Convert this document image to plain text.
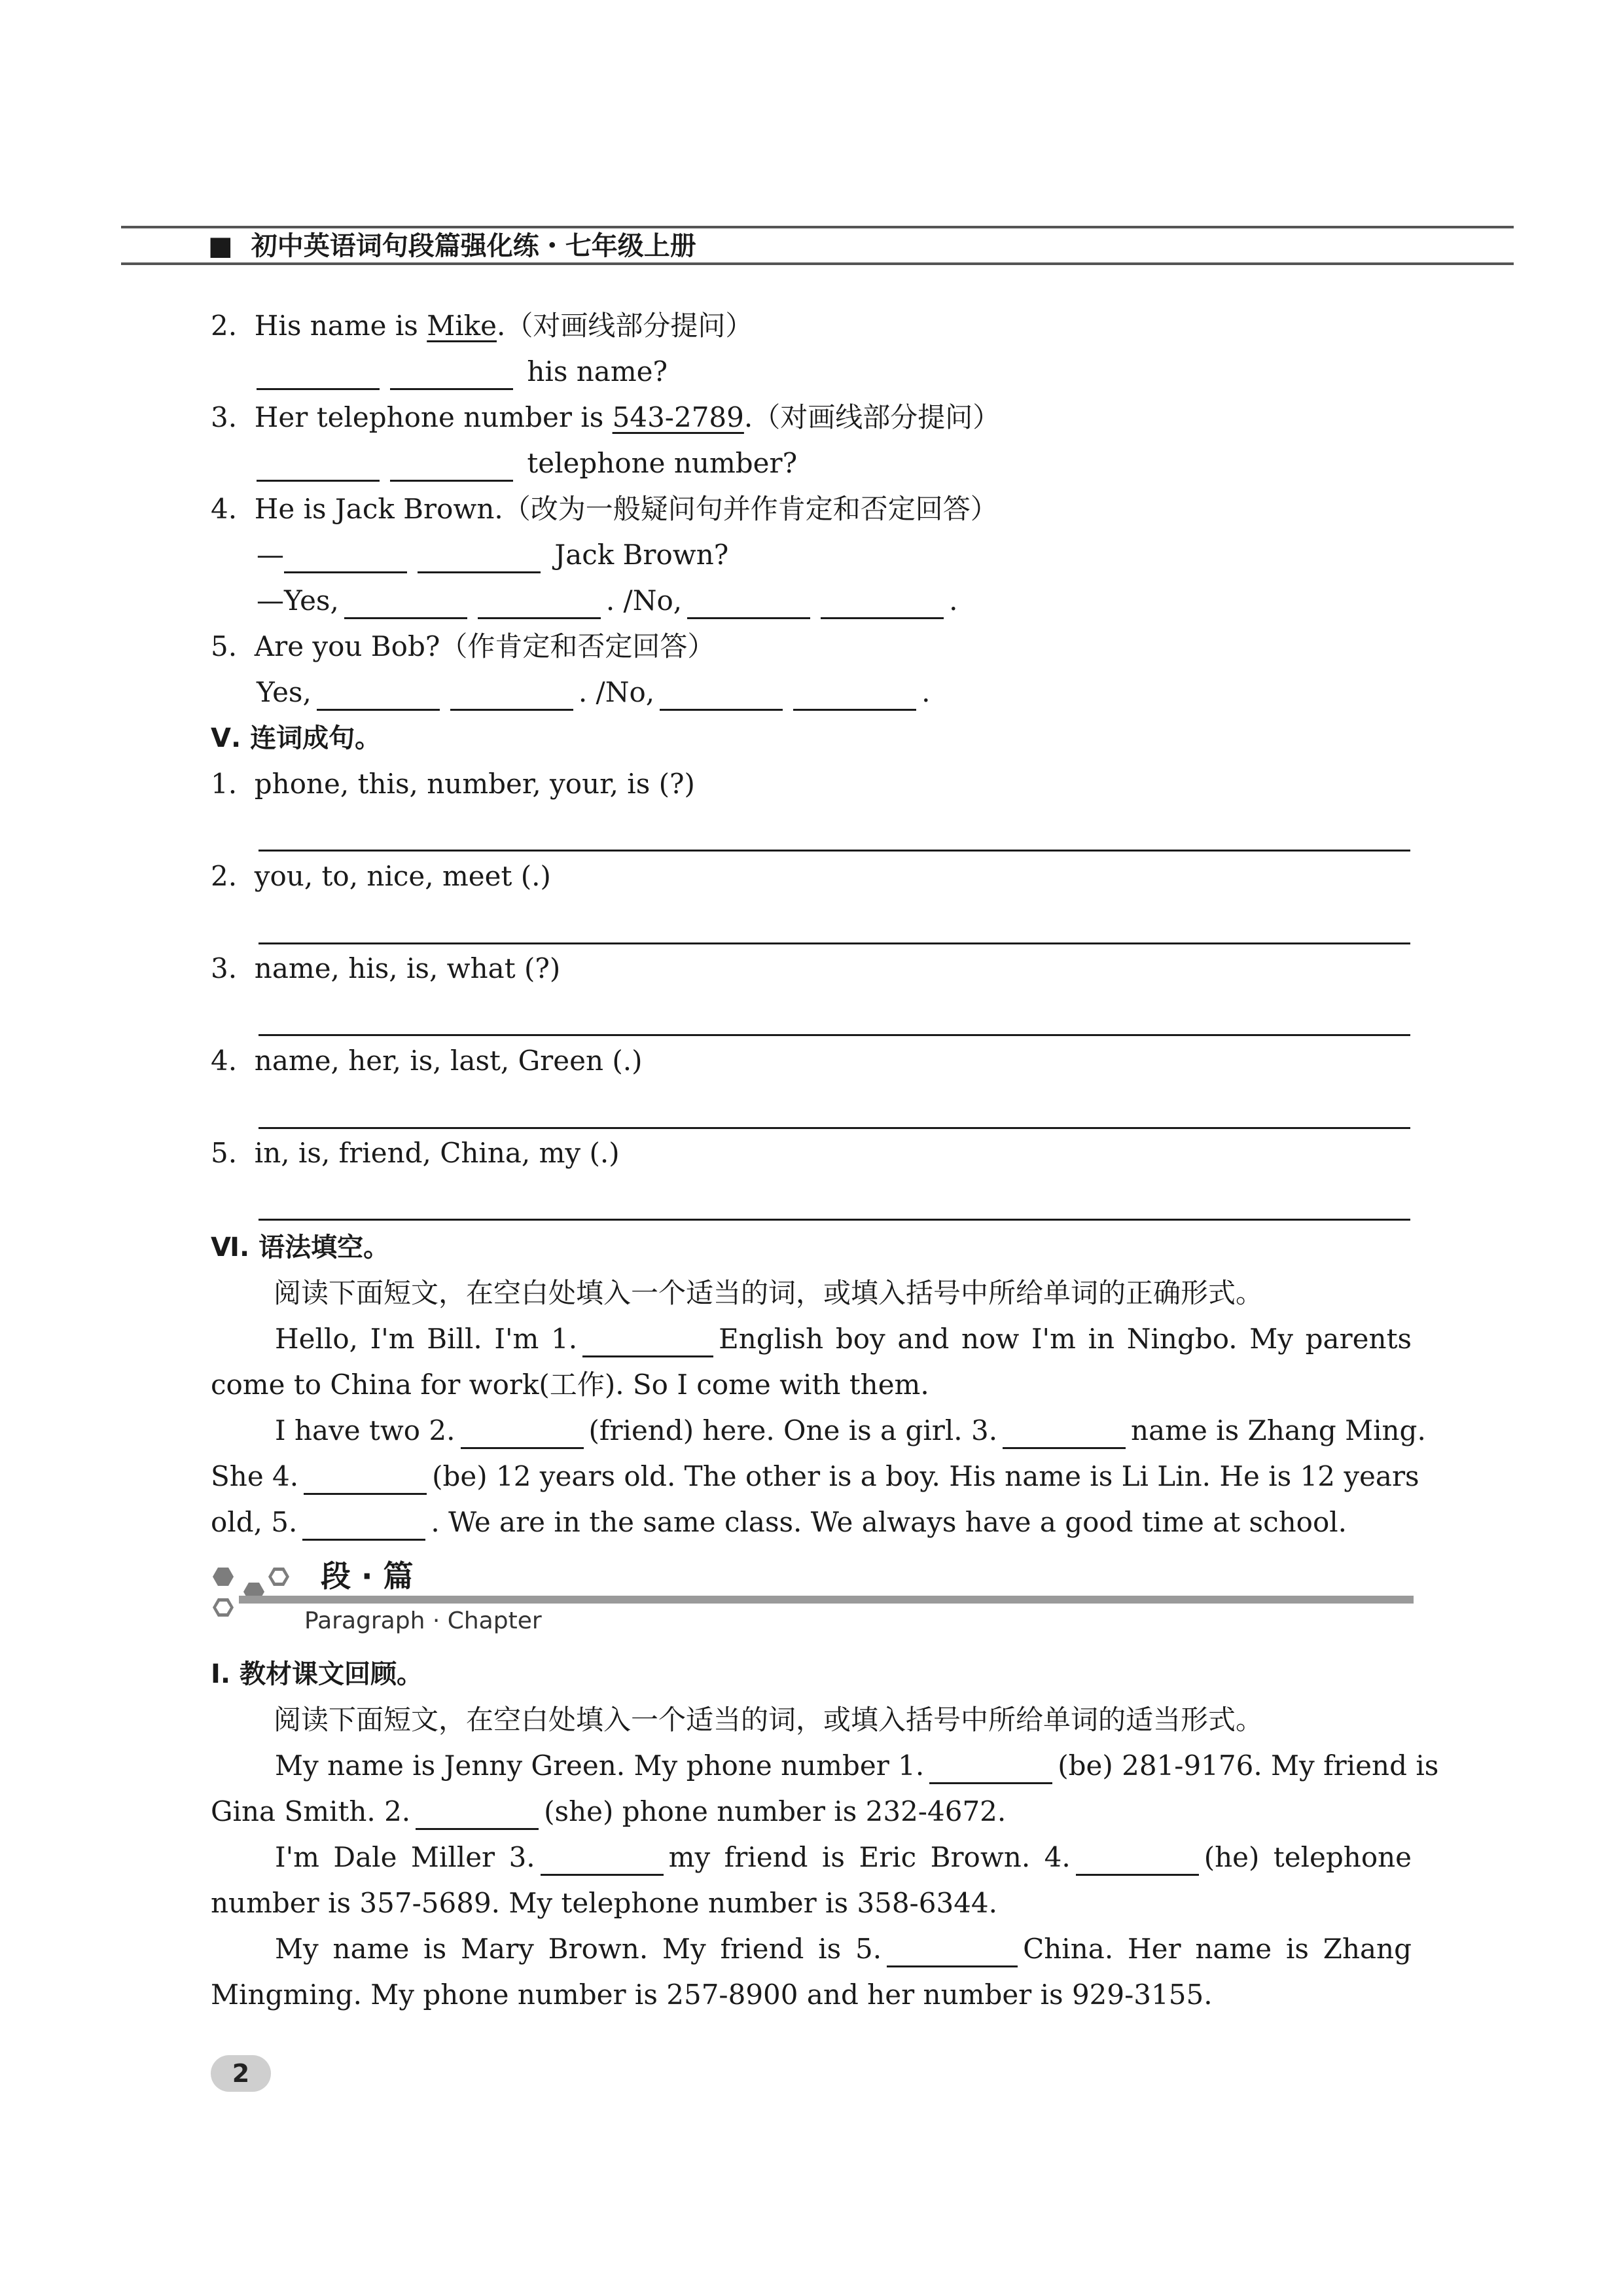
■ 初中英语词句段篇强化练・七年级上册
2. His name is Mike.（对画线部分提问）
his name?
3. Her telephone number is 543-2789.（对画线部分提问）
telephone number?
4. He is Jack Brown.（改为一般疑问句并作肯定和否定回答）
—	Jack Brown?
—Yes,	. /No,	.
5. Are you Bob?（作肯定和否定回答）
Yes,	. /No,	.
Ⅴ. 连词成句。
1. phone, this, number, your, is (?)
2. you, to, nice, meet (.)
3. name, his, is, what (?)
4. name, her, is, last, Green (.)
5. in, is, friend, China, my (.)
Ⅵ. 语法填空。
阅读下面短文，在空白处填入一个适当的词，或填入括号中所给单词的正确形式。
Hello, I'm Bill. I'm 1.	English boy and now I'm in Ningbo. My parents
come to China for work(工作). So I come with them.
I have two 2.	(friend) here. One is a girl. 3.	name is Zhang Ming.
She 4.	(be) 12 years old. The other is a boy. His name is Li Lin. He is 12 years
old, 5.	. We are in the same class. We always have a good time at school.
段 · 篇
Paragraph · Chapter
Ⅰ. 教材课文回顾。
阅读下面短文，在空白处填入一个适当的词，或填入括号中所给单词的适当形式。
My name is Jenny Green. My phone number 1.	(be) 281-9176. My friend is
Gina Smith. 2.	(she) phone number is 232-4672.
I'm Dale Miller 3.	my friend is Eric Brown. 4.	(he) telephone
number is 357-5689. My telephone number is 358-6344.
My name is Mary Brown. My friend is 5.	China. Her name is Zhang
Mingming. My phone number is 257-8900 and her number is 929-3155.
2
